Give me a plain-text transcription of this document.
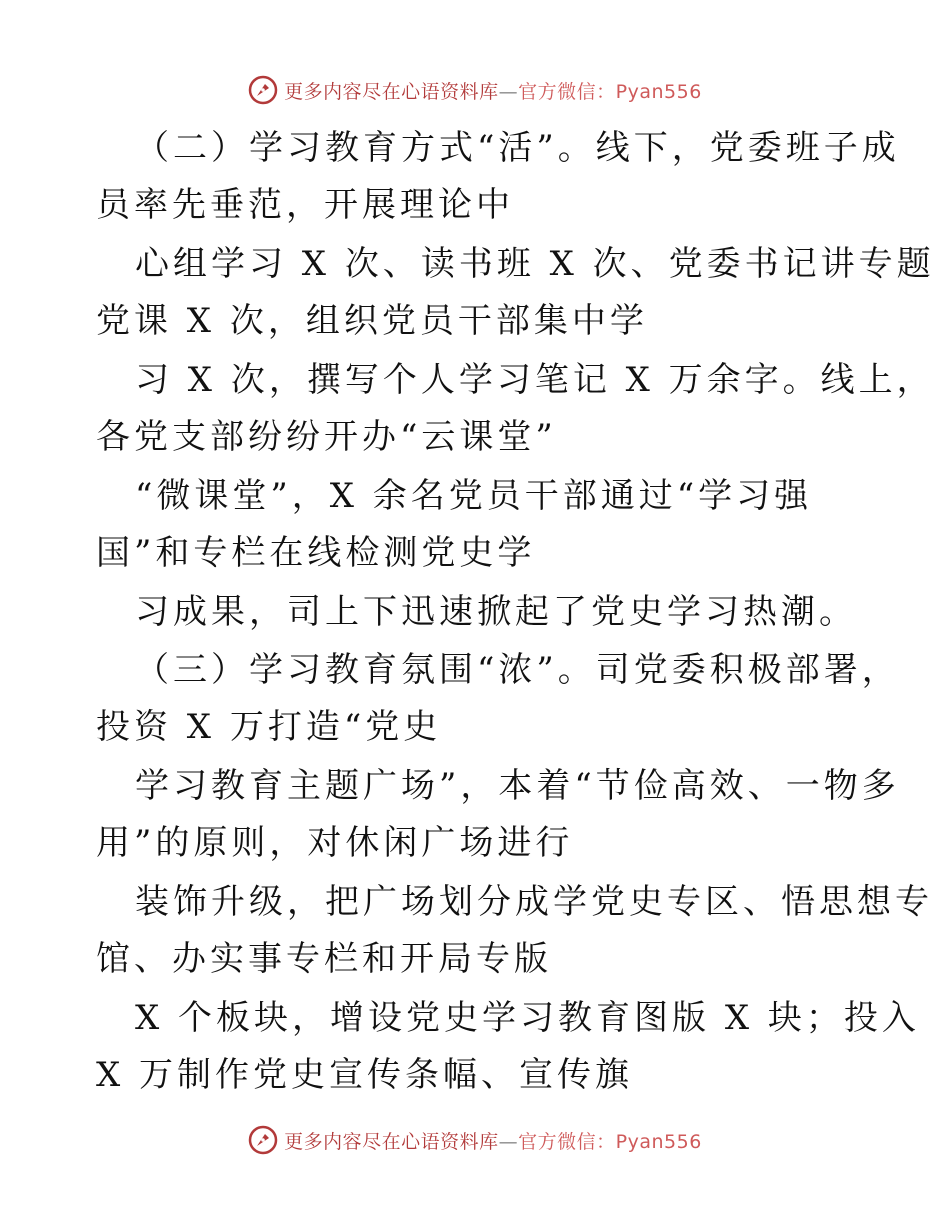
更多内容尽在心语资料库—官方微信：Pyan556
（二）学习教育方式“活”。线下，党委班子成
员率先垂范，开展理论中
心组学习 X 次、读书班 X 次、党委书记讲专题
党课 X 次，组织党员干部集中学
习 X 次，撰写个人学习笔记 X 万余字。线上，
各党支部纷纷开办“云课堂”
“微课堂”，X 余名党员干部通过“学习强
国”和专栏在线检测党史学
习成果，司上下迅速掀起了党史学习热潮。
（三）学习教育氛围“浓”。司党委积极部署，
投资 X 万打造“党史
学习教育主题广场”，本着“节俭高效、一物多
用”的原则，对休闲广场进行
装饰升级，把广场划分成学党史专区、悟思想专
馆、办实事专栏和开局专版
X 个板块，增设党史学习教育图版 X 块；投入
X 万制作党史宣传条幅、宣传旗
更多内容尽在心语资料库—官方微信：Pyan556
